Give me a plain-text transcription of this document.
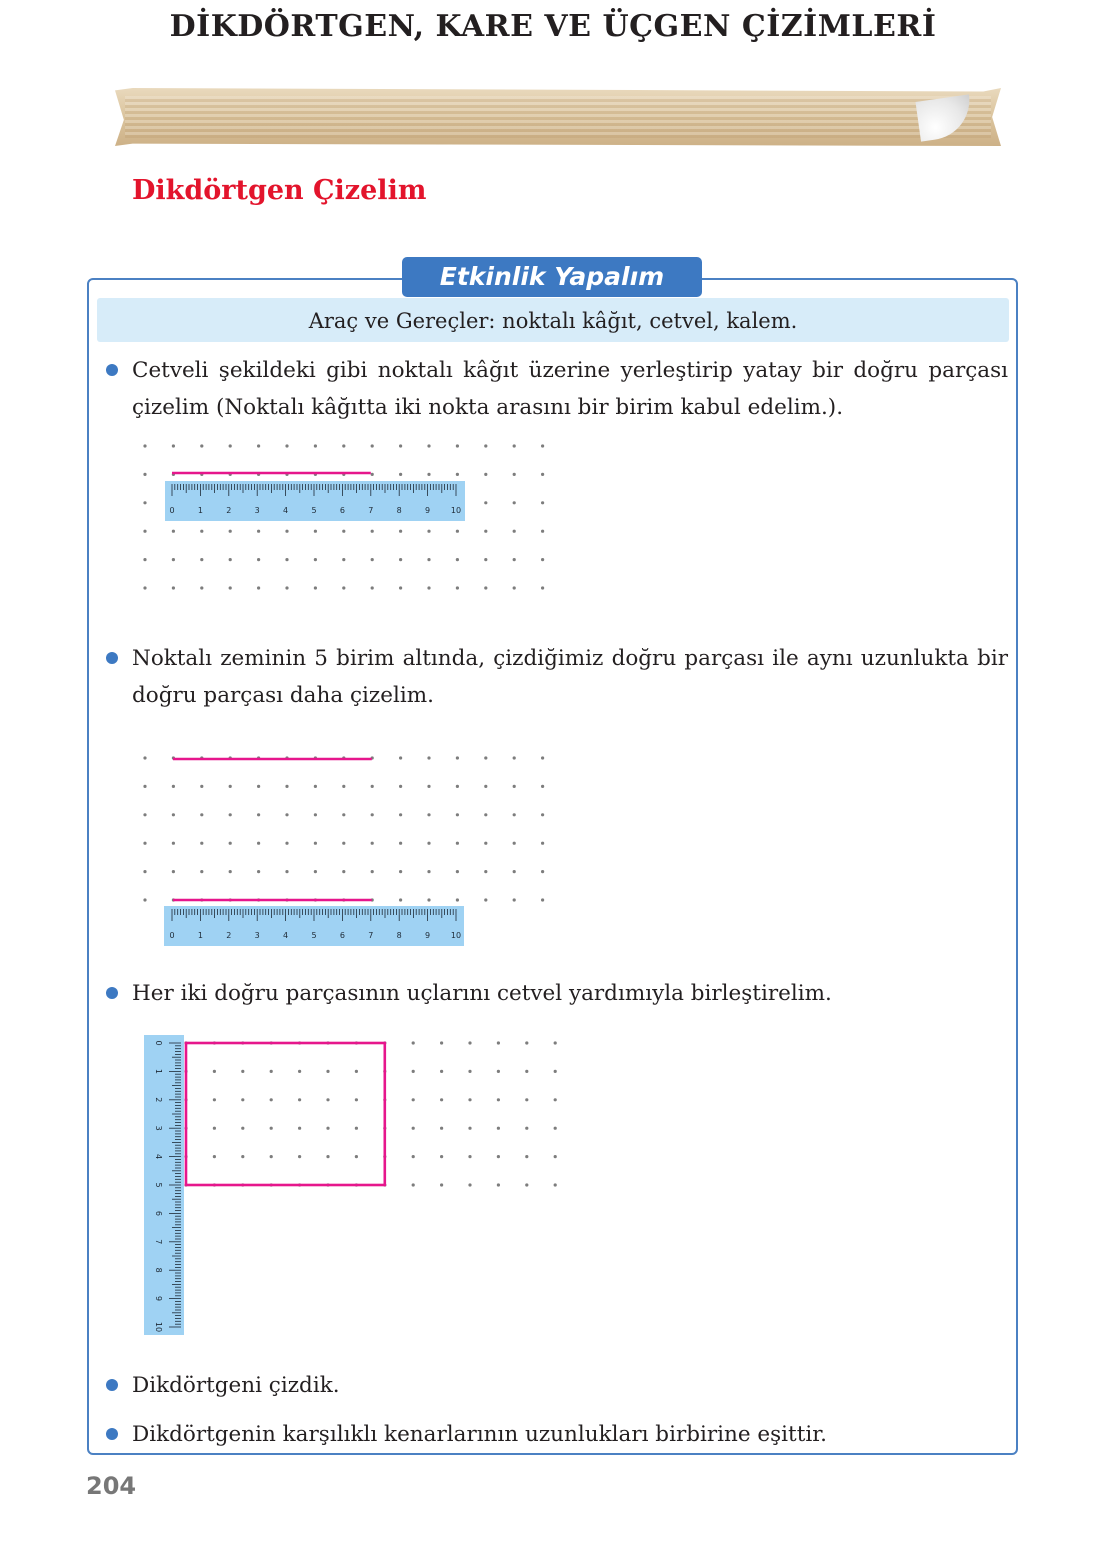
DİKDÖRTGEN, KARE VE ÜÇGEN ÇİZİMLERİ
Dikdörtgen Çizelim
Etkinlik Yapalım
Araç ve Gereçler: noktalı kâğıt, cetvel, kalem.

Cetveli şekildeki gibi noktalı kâğıt üzerine yerleştirip yatay bir doğru parçası çizelim (Noktalı kâğıtta iki nokta arasını bir birim kabul edelim.).

Noktalı zeminin 5 birim altında, çizdiğimiz doğru parçası ile aynı uzunlukta bir doğru parçası daha çizelim.

Her iki doğru parçasının uçlarını cetvel yardımıyla birleştirelim.

Dikdörtgeni çizdik.

Dikdörtgenin karşılıklı kenarlarının uzunlukları birbirine eşittir.

0	1	2	3	4	5	6	7	8	9	10
0	1	2	3	4	5	6	7	8	9	10
0
1
2
3
4
5
6
7
8
9
10
204
